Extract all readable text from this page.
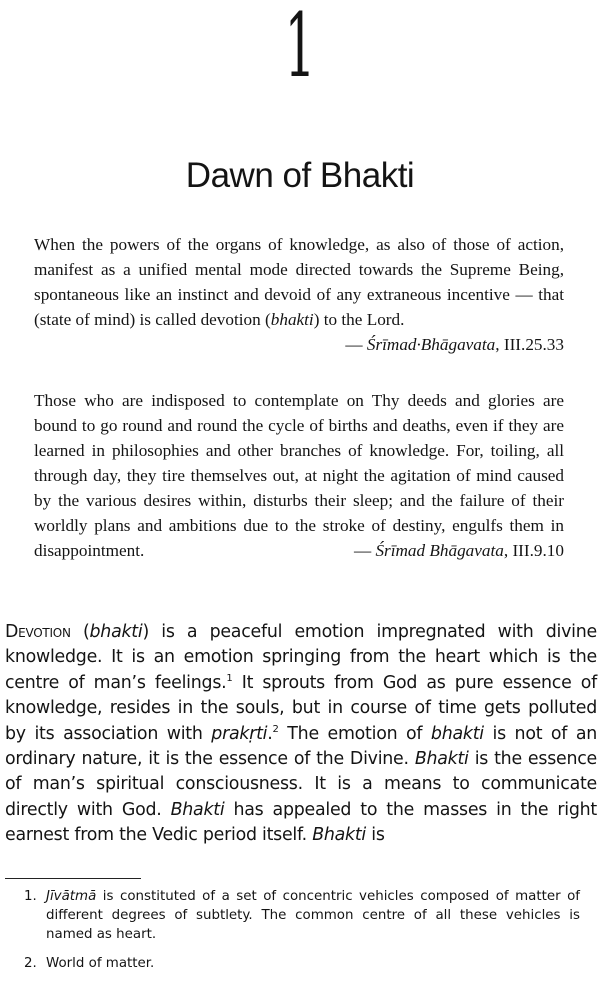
1
Dawn of Bhakti
When the powers of the organs of knowledge, as also of those of action, manifest as a unified mental mode directed towards the Supreme Being, spontaneous like an instinct and devoid of any extraneous incentive — that (state of mind) is called devotion (bhakti) to the Lord.
— Śrīmad·Bhāgavata, III.25.33
Those who are indisposed to contemplate on Thy deeds and glories are bound to go round and round the cycle of births and deaths, even if they are learned in philosophies and other branches of knowledge. For, toiling, all through day, they tire themselves out, at night the agitation of mind caused by the various desires within, disturbs their sleep; and the failure of their worldly plans and ambitions due to the stroke of destiny, engulfs them in disappointment.	— Śrīmad Bhāgavata, III.9.10
Devotion (bhakti) is a peaceful emotion impregnated with divine knowledge. It is an emotion springing from the heart which is the centre of man’s feelings.$^1$ It sprouts from God as pure essence of knowledge, resides in the souls, but in course of time gets polluted by its association with prakṛti.$^2$ The emotion of bhakti is not of an ordinary nature, it is the essence of the Divine. Bhakti is the essence of man’s spiritual consciousness. It is a means to communicate directly with God. Bhakti has appealed to the masses in the right earnest from the Vedic period itself. Bhakti is
1. Jīvātmā is constituted of a set of concentric vehicles composed of matter of different degrees of subtlety. The common centre of all these vehicles is named as heart.
2. World of matter.
